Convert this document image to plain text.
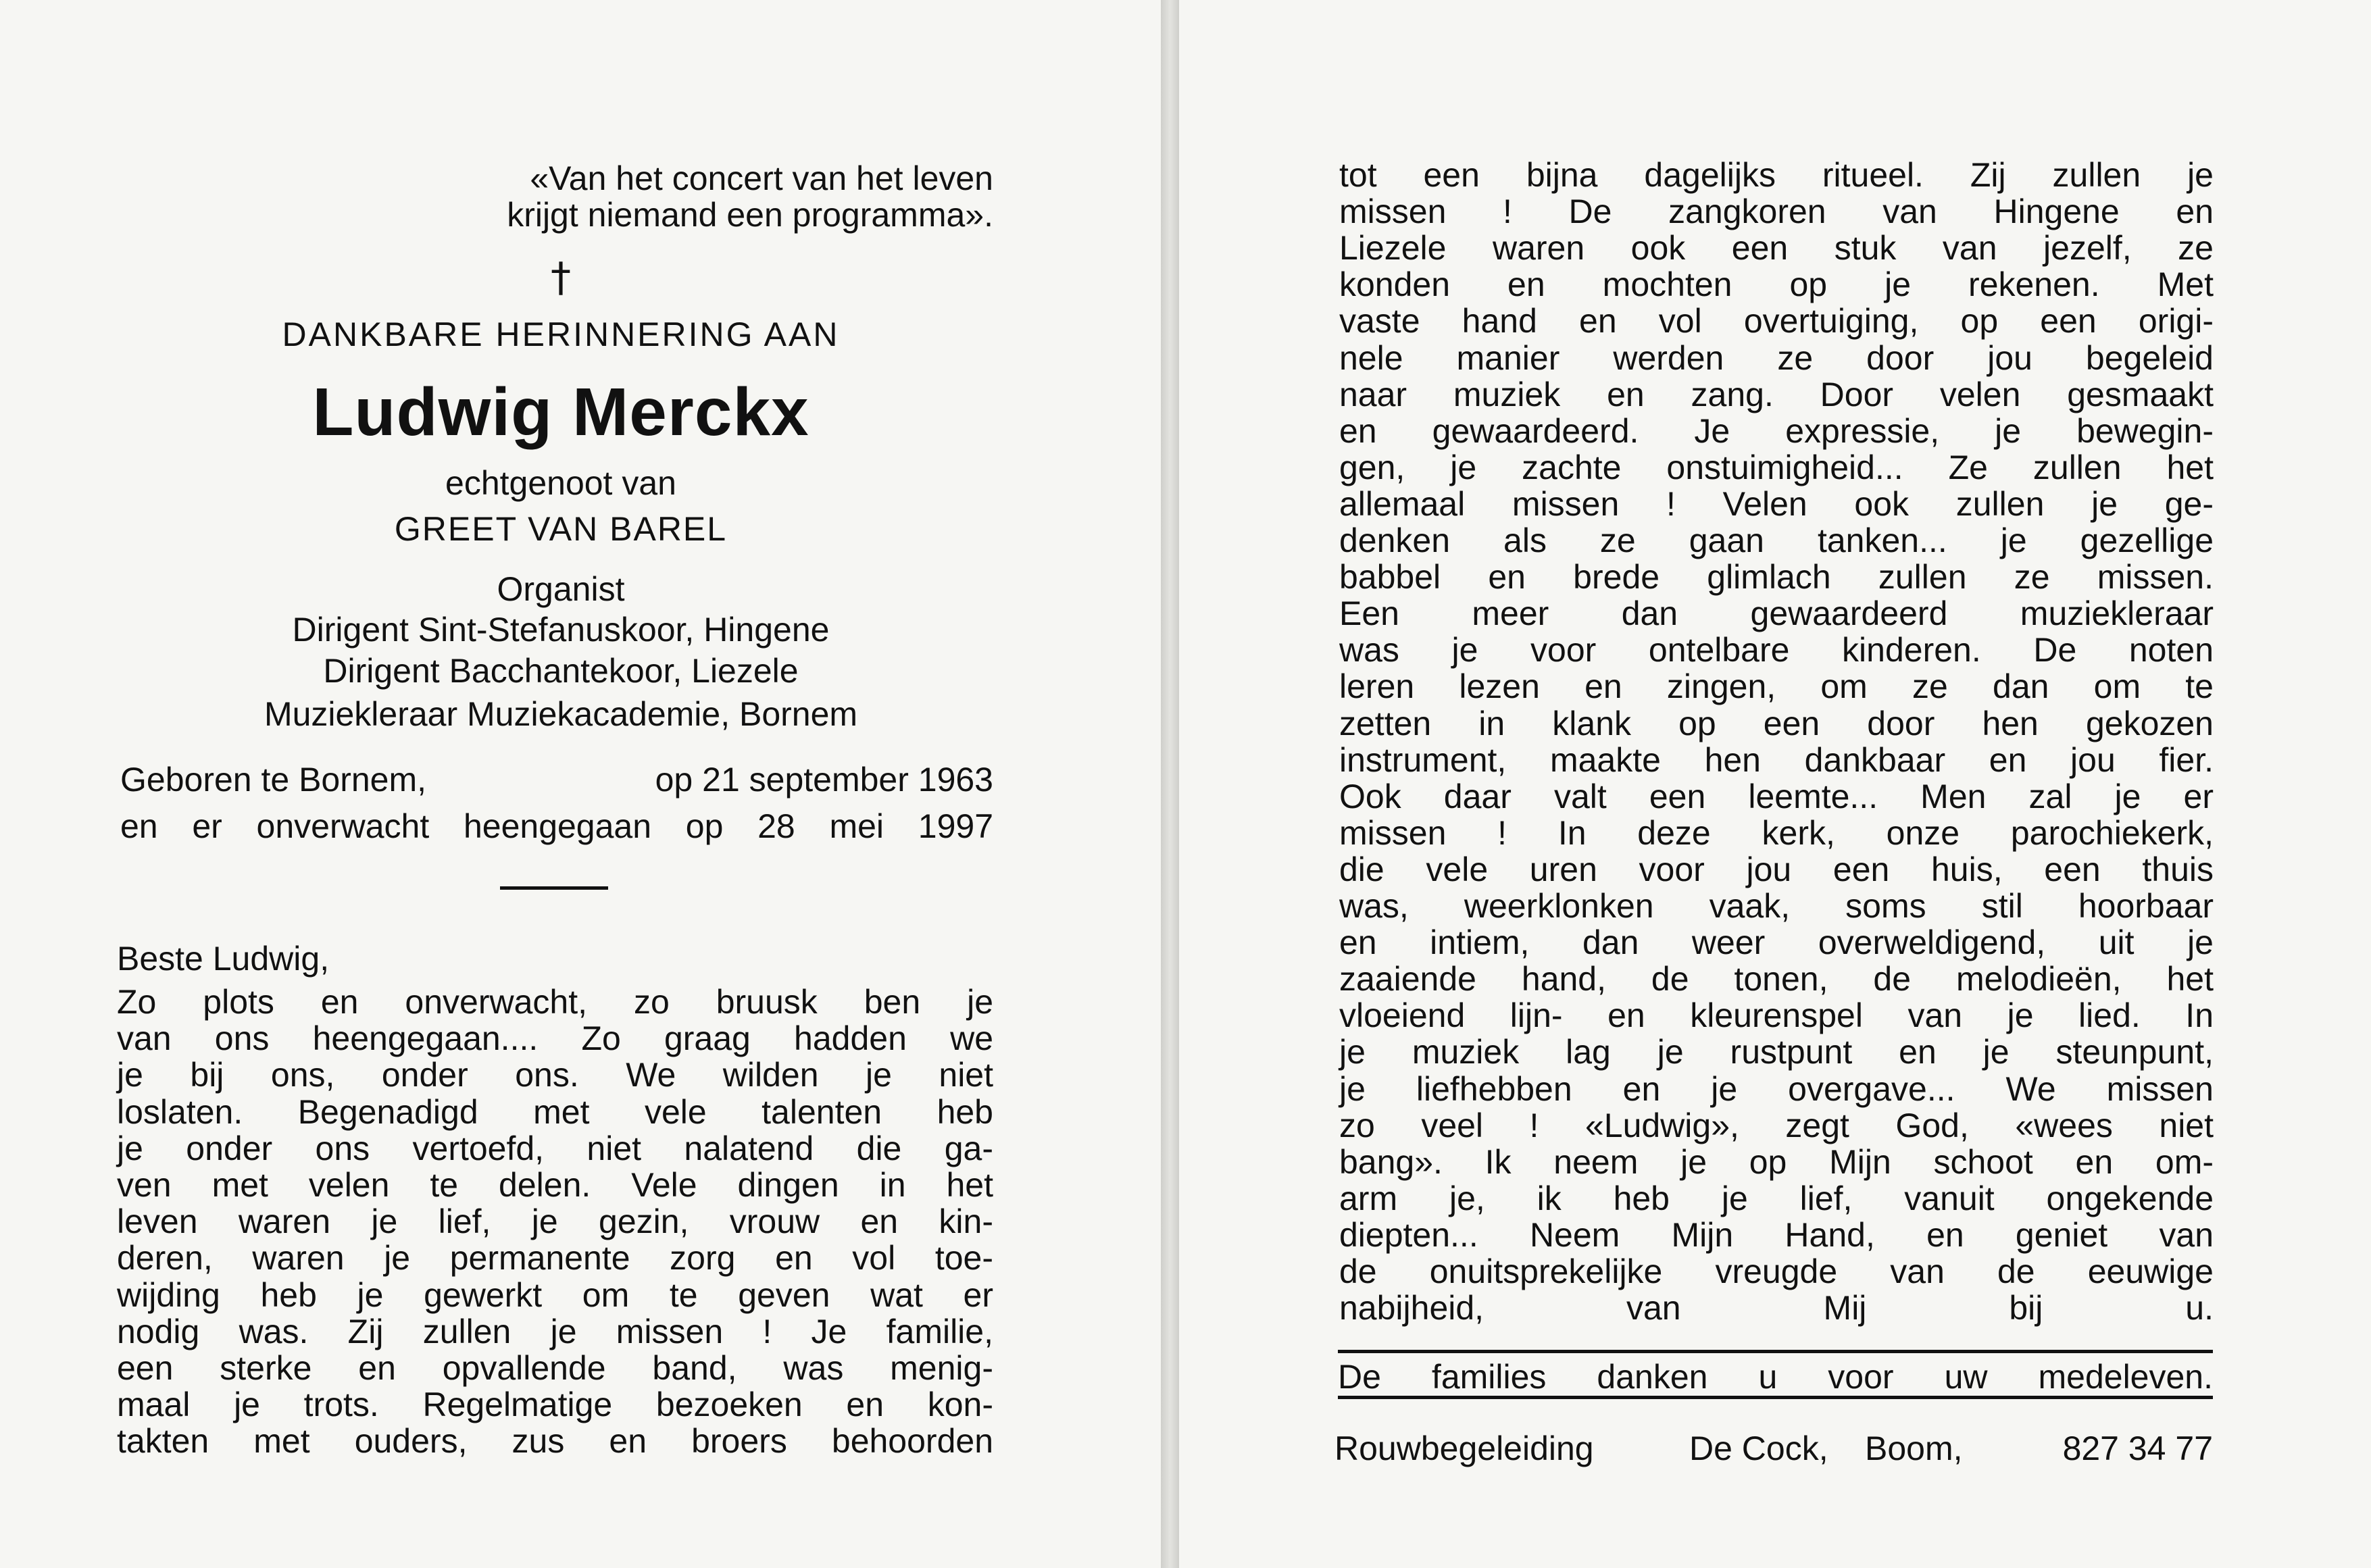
«Van het concert van het leven
krijgt niemand een programma».
†
DANKBARE HERINNERING AAN
Ludwig Merckx
echtgenoot van
GREET VAN BAREL
Organist
Dirigent Sint-Stefanuskoor, Hingene
Dirigent Bacchantekoor, Liezele
Muziekleraar Muziekacademie, Bornem
Geboren te Bornem,	op 21 september 1963
en er onverwacht heengegaan op 28 mei 1997
Beste Ludwig,
Zo plots en onverwacht, zo bruusk ben je
van ons heengegaan.... Zo graag hadden we
je bij ons, onder ons. We wilden je niet
loslaten. Begenadigd met vele talenten heb
je onder ons vertoefd, niet nalatend die ga-
ven met velen te delen. Vele dingen in het
leven waren je lief, je gezin, vrouw en kin-
deren, waren je permanente zorg en vol toe-
wijding heb je gewerkt om te geven wat er
nodig was. Zij zullen je missen ! Je familie,
een sterke en opvallende band, was menig-
maal je trots. Regelmatige bezoeken en kon-
takten met ouders, zus en broers behoorden
tot een bijna dagelijks ritueel. Zij zullen je
missen ! De zangkoren van Hingene en
Liezele waren ook een stuk van jezelf, ze
konden en mochten op je rekenen. Met
vaste hand en vol overtuiging, op een origi-
nele manier werden ze door jou begeleid
naar muziek en zang. Door velen gesmaakt
en gewaardeerd. Je expressie, je bewegin-
gen, je zachte onstuimigheid... Ze zullen het
allemaal missen ! Velen ook zullen je ge-
denken als ze gaan tanken... je gezellige
babbel en brede glimlach zullen ze missen.
Een meer dan gewaardeerd muziekleraar
was je voor ontelbare kinderen. De noten
leren lezen en zingen, om ze dan om te
zetten in klank op een door hen gekozen
instrument, maakte hen dankbaar en jou fier.
Ook daar valt een leemte... Men zal je er
missen ! In deze kerk, onze parochiekerk,
die vele uren voor jou een huis, een thuis
was, weerklonken vaak, soms stil hoorbaar
en intiem, dan weer overweldigend, uit je
zaaiende hand, de tonen, de melodieën, het
vloeiend lijn- en kleurenspel van je lied. In
je muziek lag je rustpunt en je steunpunt,
je liefhebben en je overgave... We missen
zo veel ! «Ludwig», zegt God, «wees niet
bang». Ik neem je op Mijn schoot en om-
arm je, ik heb je lief, vanuit ongekende
diepten... Neem Mijn Hand, en geniet van
de onuitsprekelijke vreugde van de eeuwige
nabijheid, van Mij bij u.
De families danken u voor uw medeleven.
Rouwbegeleiding	De Cock, Boom,	827 34 77
